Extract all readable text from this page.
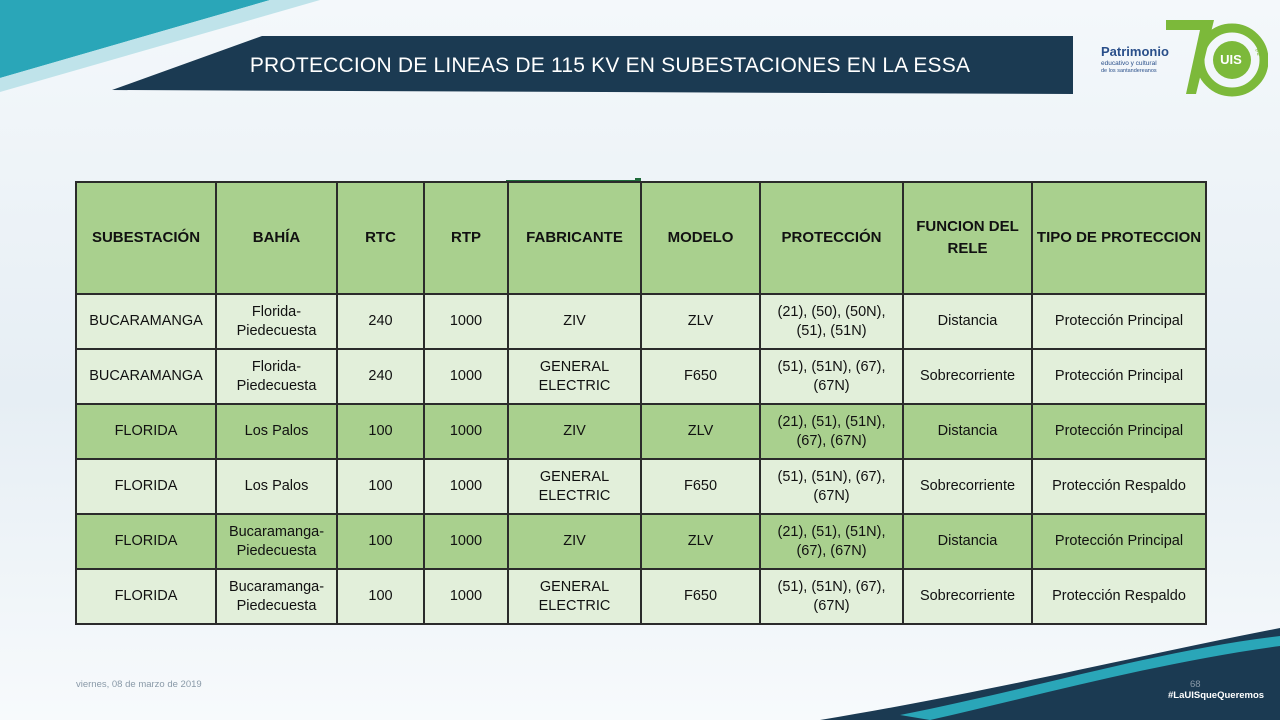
PROTECCION DE LINEAS DE 115 KV EN SUBESTACIONES EN LA ESSA
Patrimonio
educativo y cultural
de los santandereanos
UIS
años
SUBESTACIÓN	BAHÍA	RTC	RTP	FABRICANTE	MODELO	PROTECCIÓN	FUNCION DEL RELE	TIPO DE PROTECCION
BUCARAMANGA	Florida-Piedecuesta	240	1000	ZIV	ZLV	(21), (50), (50N), (51), (51N)	Distancia	Protección Principal
BUCARAMANGA	Florida-Piedecuesta	240	1000	GENERAL ELECTRIC	F650	(51), (51N), (67), (67N)	Sobrecorriente	Protección Principal
FLORIDA	Los Palos	100	1000	ZIV	ZLV	(21), (51), (51N), (67), (67N)	Distancia	Protección Principal
FLORIDA	Los Palos	100	1000	GENERAL ELECTRIC	F650	(51), (51N), (67), (67N)	Sobrecorriente	Protección Respaldo
FLORIDA	Bucaramanga-Piedecuesta	100	1000	ZIV	ZLV	(21), (51), (51N), (67), (67N)	Distancia	Protección Principal
FLORIDA	Bucaramanga-Piedecuesta	100	1000	GENERAL ELECTRIC	F650	(51), (51N), (67), (67N)	Sobrecorriente	Protección Respaldo
viernes, 08 de marzo de 2019	68
#LaUISqueQueremos
